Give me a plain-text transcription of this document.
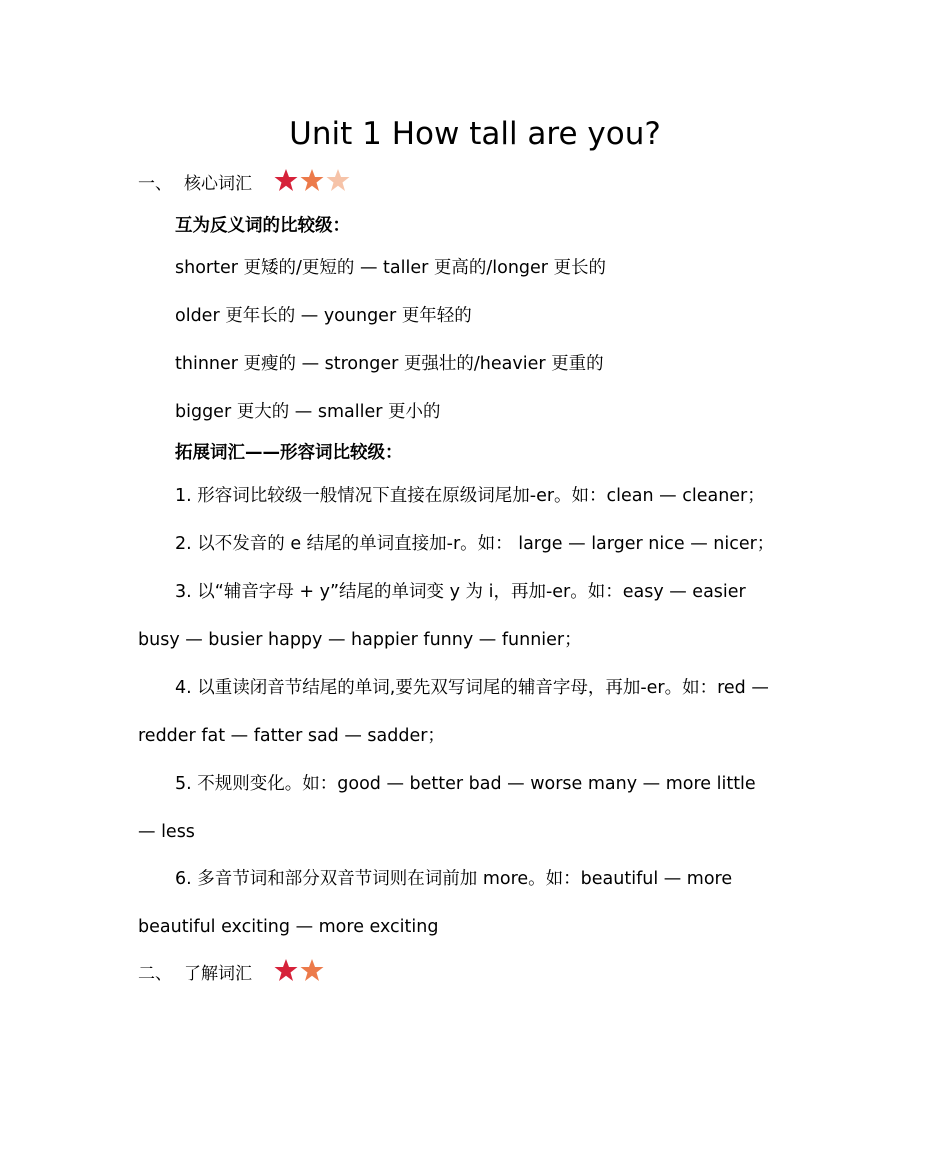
Unit 1 How tall are you?
一、 核心词汇
互为反义词的比较级：
shorter 更矮的/更短的 — taller 更高的/longer 更长的
older 更年长的 — younger 更年轻的
thinner 更瘦的 — stronger 更强壮的/heavier 更重的
bigger 更大的 — smaller 更小的
拓展词汇——形容词比较级：
1. 形容词比较级一般情况下直接在原级词尾加-er。如：clean — cleaner；
2. 以不发音的 e 结尾的单词直接加-r。如： large — larger nice — nicer；
3. 以“辅音字母 + y”结尾的单词变 y 为 i，再加-er。如：easy — easier
busy — busier happy — happier funny — funnier；
4. 以重读闭音节结尾的单词,要先双写词尾的辅音字母，再加-er。如：red —
redder fat — fatter sad — sadder；
5. 不规则变化。如：good — better bad — worse many — more little
— less
6. 多音节词和部分双音节词则在词前加 more。如：beautiful — more
beautiful exciting — more exciting
二、 了解词汇
